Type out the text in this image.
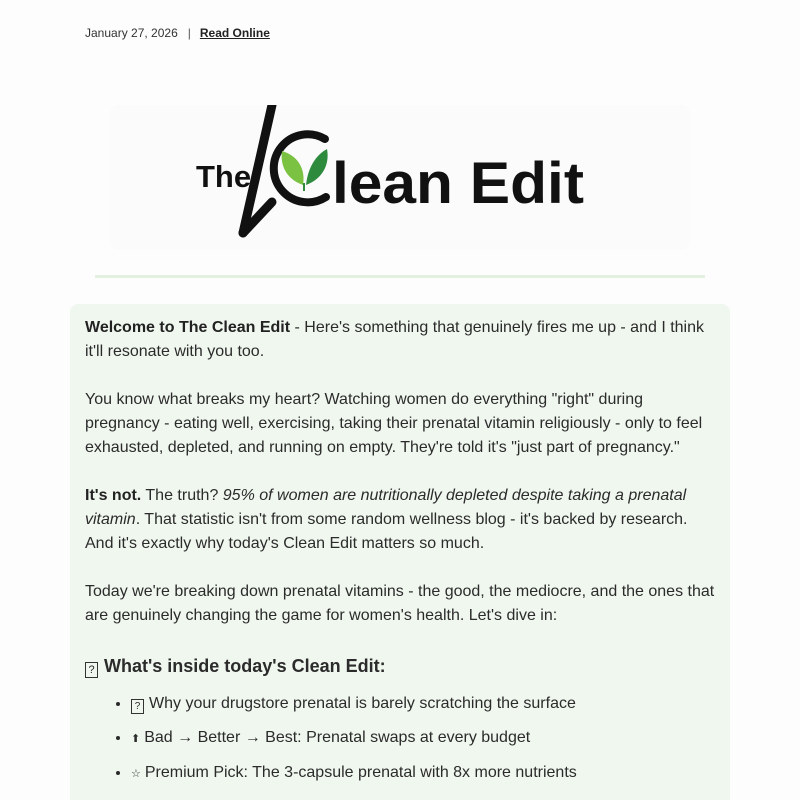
January 27, 2026 | Read Online
The lean Edit

Welcome to The Clean Edit - Here's something that genuinely fires me up - and I think it'll resonate with you too.

You know what breaks my heart? Watching women do everything "right" during pregnancy - eating well, exercising, taking their prenatal vitamin religiously - only to feel exhausted, depleted, and running on empty. They're told it's "just part of pregnancy."

It's not. The truth? 95% of women are nutritionally depleted despite taking a prenatal vitamin. That statistic isn't from some random wellness blog - it's backed by research. And it's exactly why today's Clean Edit matters so much.

Today we're breaking down prenatal vitamins - the good, the mediocre, and the ones that are genuinely changing the game for women's health. Let's dive in:

? What's inside today's Clean Edit:
• ? Why your drugstore prenatal is barely scratching the surface
• ⬆ Bad → Better → Best: Prenatal swaps at every budget
• ☆ Premium Pick: The 3-capsule prenatal with 8x more nutrients
